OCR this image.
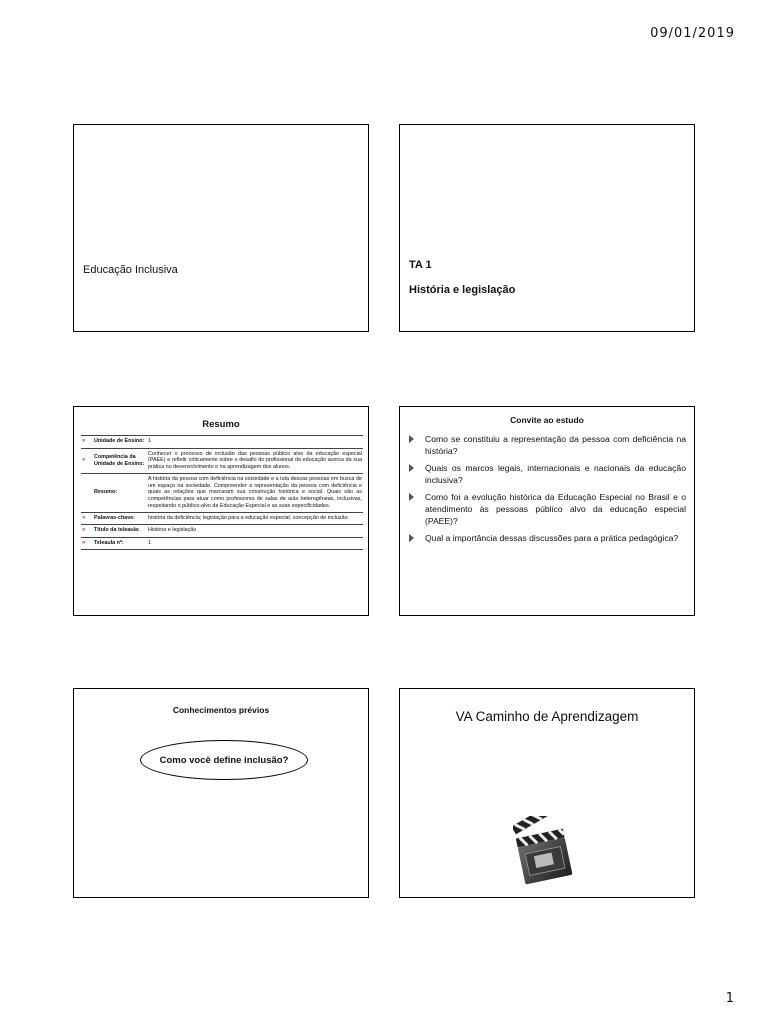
09/01/2019
Educação Inclusiva	TA 1
História e legislação
Resumo
»	Unidade de Ensino:	1
»	Competência da Unidade de Ensino:	Conhecer o processo de inclusão das pessoas público alvo da educação especial (PAEE) e refletir criticamente sobre o desafio do profissional da educação acerca da sua prática no desenvolvimento e na aprendizagem dos alunos.
	Resumo:	A história da pessoa com deficiência na sociedade e a luta dessas pessoas em busca de um espaço na sociedade. Compreender a representação da pessoa com deficiência e quais as relações que marcaram sua construção histórica e social. Quais são as competências para atuar como professores de salas de aula heterogêneas, inclusivas, respeitando o público-alvo da Educação Especial e as suas especificidades.
»	Palavras-chave:	história da deficiência; legislação para a educação especial; concepção de inclusão
»	Título da teleaula:	História e legislação
»	Teleaula nº:	1
Convite ao estudo
Como se constituiu a representação da pessoa com deficiência na história?
Quais os marcos legais, internacionais e nacionais da educação inclusiva?
Como foi a evolução histórica da Educação Especial no Brasil e o atendimento às pessoas público alvo da educação especial (PAEE)?
Qual a importância dessas discussões para a prática pedagógica?
Conhecimentos prévios
Como você define inclusão?
VA Caminho de Aprendizagem
1
